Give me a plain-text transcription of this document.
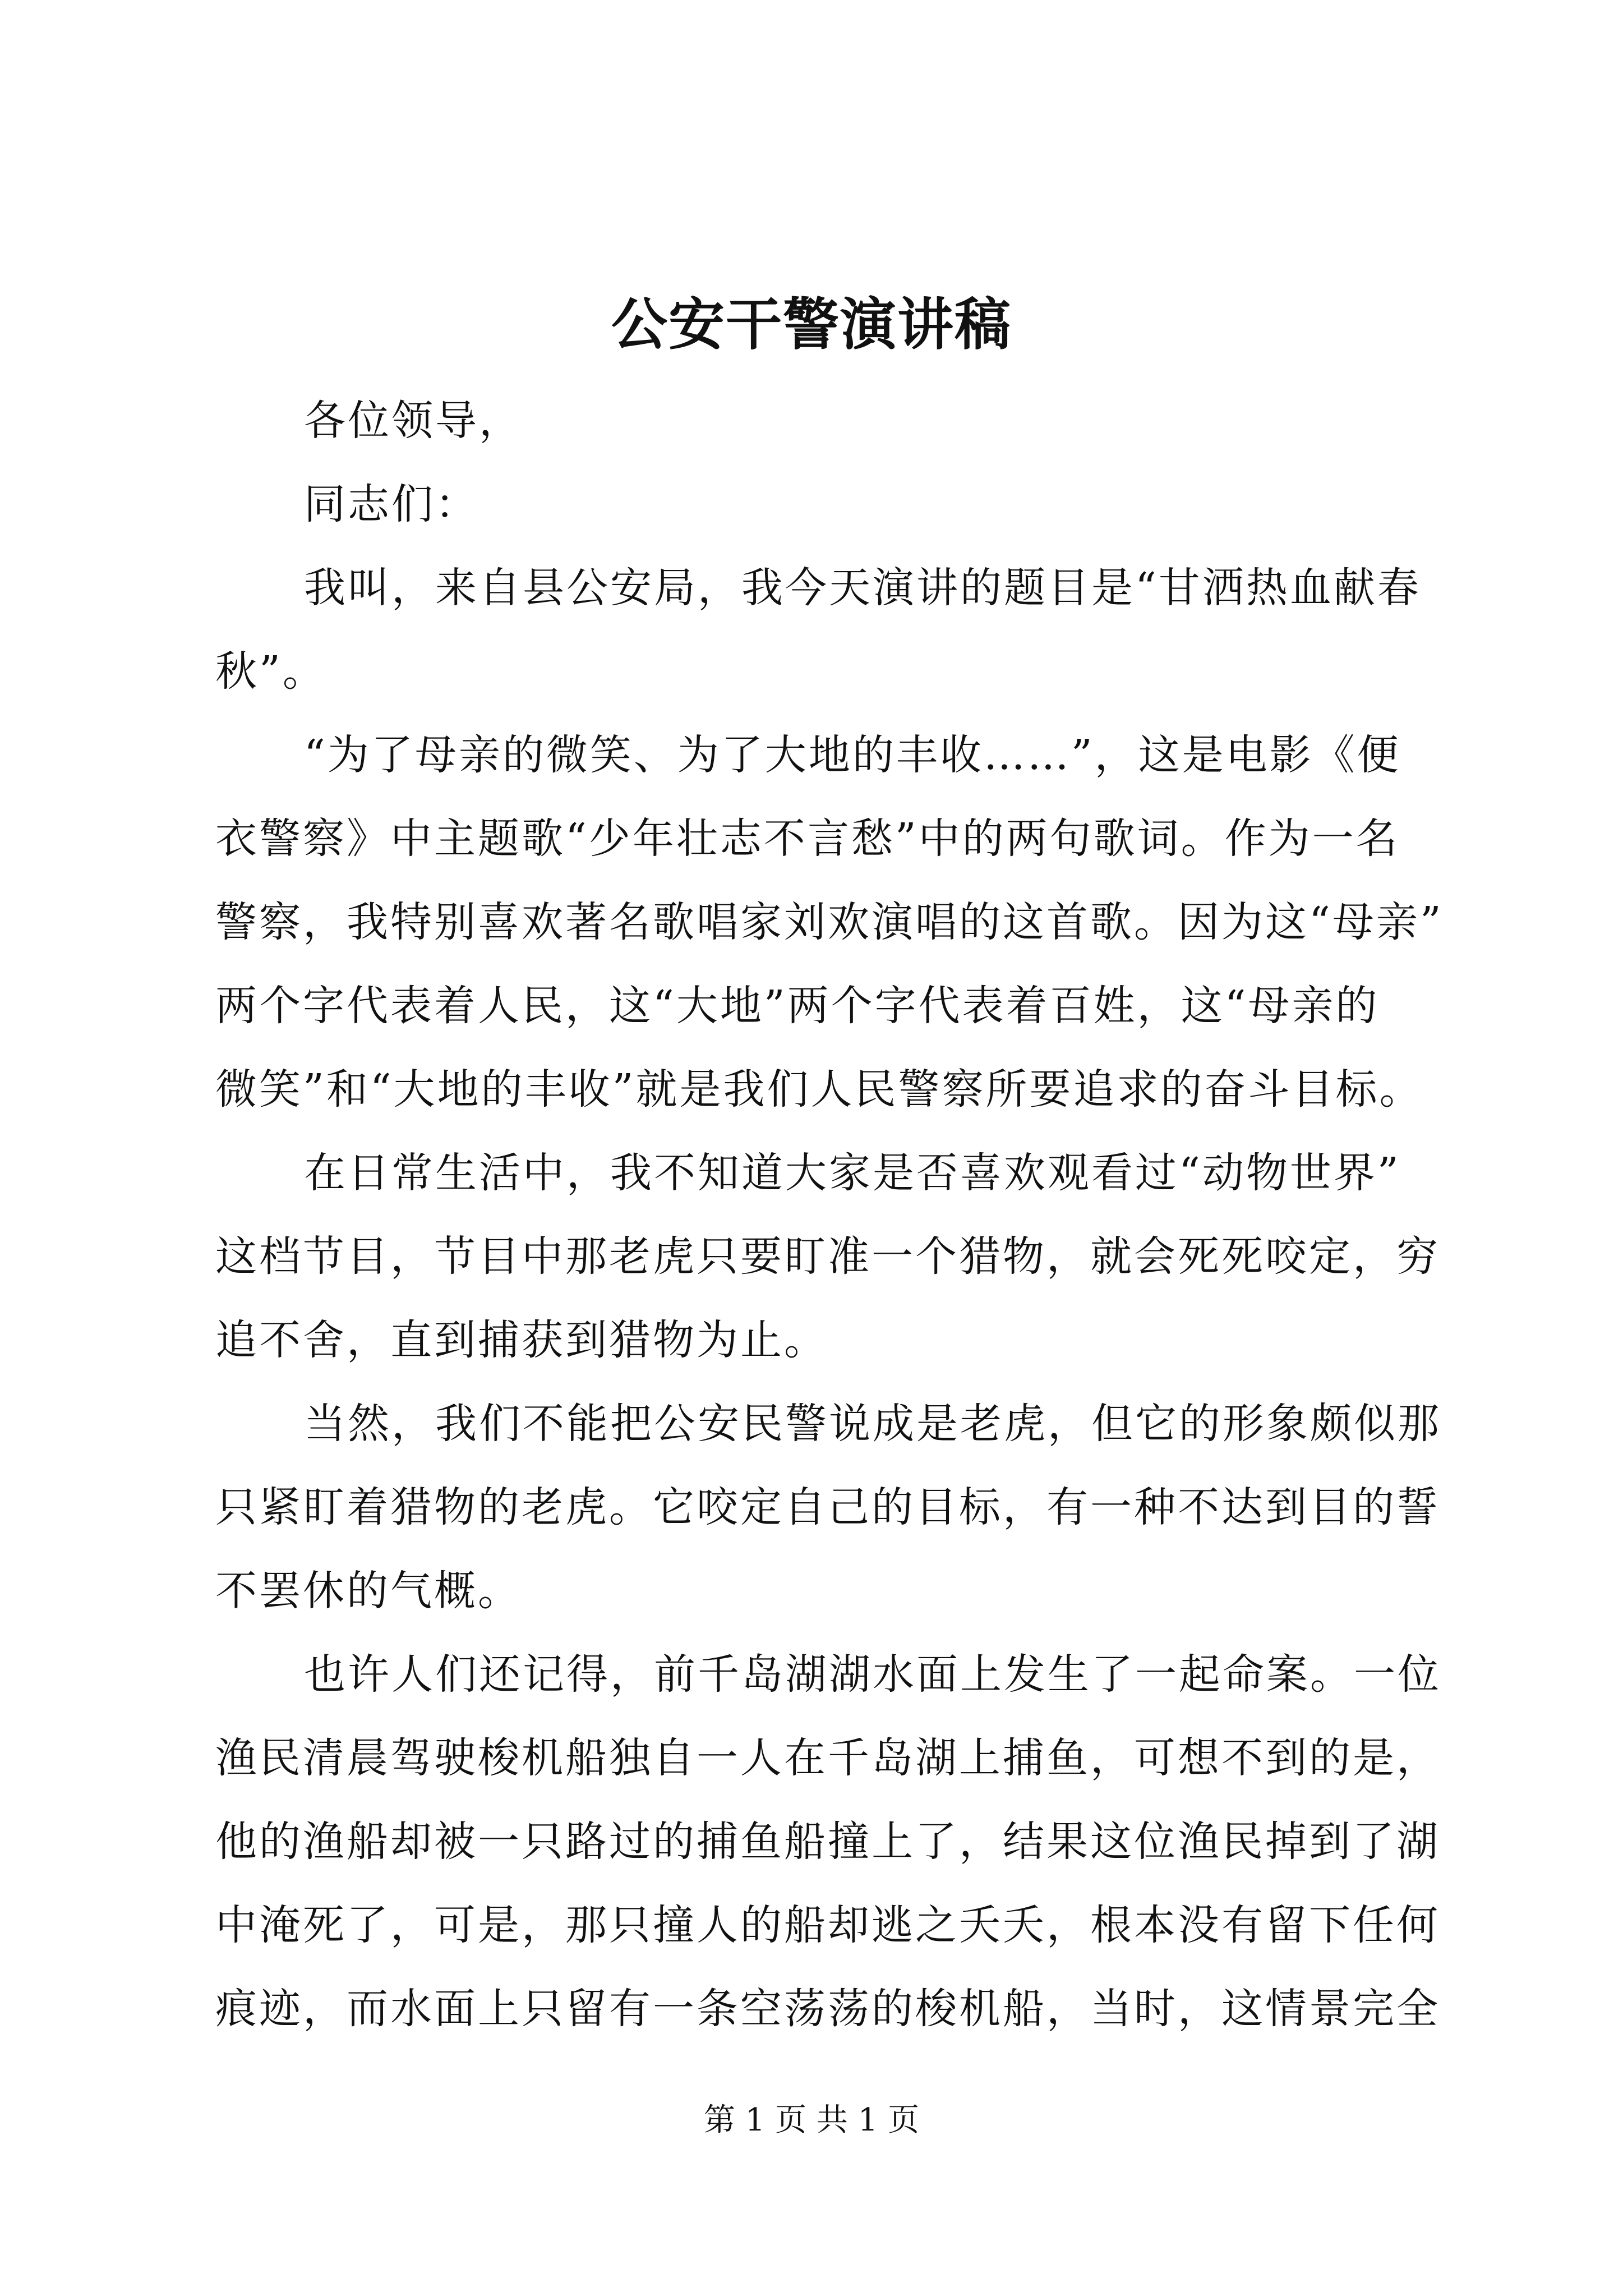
公安干警演讲稿
各位领导，
同志们：
我叫，来自县公安局，我今天演讲的题目是“甘洒热血献春
秋”。
“为了母亲的微笑、为了大地的丰收……”，这是电影《便
衣警察》中主题歌“少年壮志不言愁”中的两句歌词。作为一名
警察，我特别喜欢著名歌唱家刘欢演唱的这首歌。因为这“母亲”
两个字代表着人民，这“大地”两个字代表着百姓，这“母亲的
微笑”和“大地的丰收”就是我们人民警察所要追求的奋斗目标。
在日常生活中，我不知道大家是否喜欢观看过“动物世界”
这档节目，节目中那老虎只要盯准一个猎物，就会死死咬定，穷
追不舍，直到捕获到猎物为止。
当然，我们不能把公安民警说成是老虎，但它的形象颇似那
只紧盯着猎物的老虎。它咬定自己的目标，有一种不达到目的誓
不罢休的气概。
也许人们还记得，前千岛湖湖水面上发生了一起命案。一位
渔民清晨驾驶梭机船独自一人在千岛湖上捕鱼，可想不到的是，
他的渔船却被一只路过的捕鱼船撞上了，结果这位渔民掉到了湖
中淹死了，可是，那只撞人的船却逃之夭夭，根本没有留下任何
痕迹，而水面上只留有一条空荡荡的梭机船，当时，这情景完全
第 1 页 共 1 页
